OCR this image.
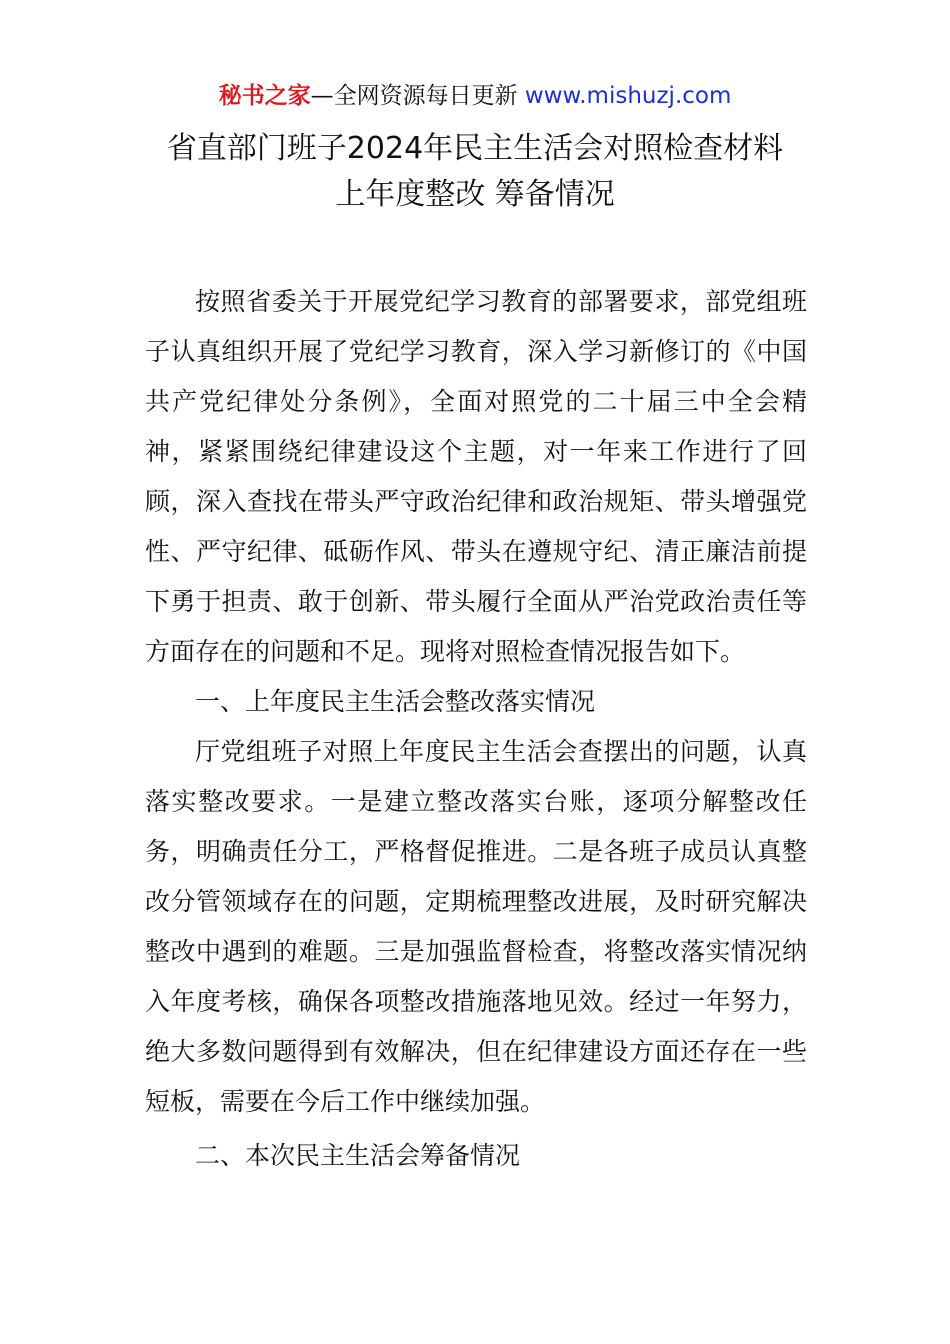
秘书之家—全网资源每日更新 www.mishuzj.com
省直部门班子2024年民主生活会对照检查材料
上年度整改 筹备情况

按照省委关于开展党纪学习教育的部署要求，部党组班子认真组织开展了党纪学习教育，深入学习新修订的《中国共产党纪律处分条例》，全面对照党的二十届三中全会精神，紧紧围绕纪律建设这个主题，对一年来工作进行了回顾，深入查找在带头严守政治纪律和政治规矩、带头增强党性、严守纪律、砥砺作风、带头在遵规守纪、清正廉洁前提下勇于担责、敢于创新、带头履行全面从严治党政治责任等方面存在的问题和不足。现将对照检查情况报告如下。

一、上年度民主生活会整改落实情况

厅党组班子对照上年度民主生活会查摆出的问题，认真落实整改要求。一是建立整改落实台账，逐项分解整改任务，明确责任分工，严格督促推进。二是各班子成员认真整改分管领域存在的问题，定期梳理整改进展，及时研究解决整改中遇到的难题。三是加强监督检查，将整改落实情况纳入年度考核，确保各项整改措施落地见效。经过一年努力，绝大多数问题得到有效解决，但在纪律建设方面还存在一些短板，需要在今后工作中继续加强。

二、本次民主生活会筹备情况
